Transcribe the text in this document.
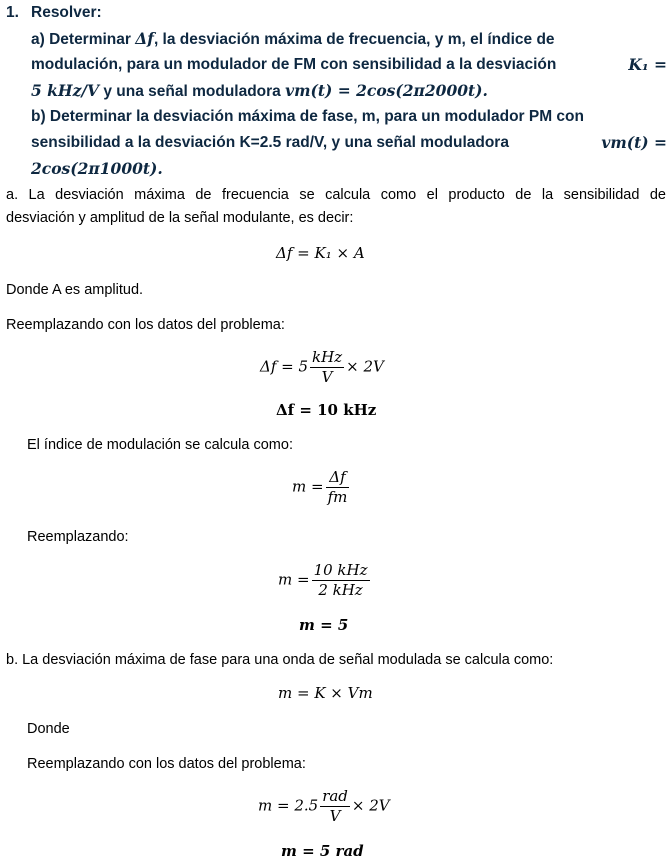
1. Resolver:
a) Determinar Δf, la desviación máxima de frecuencia, y m, el índice de
modulación, para un modulador de FM con sensibilidad a la desviación	K₁ =
5 kHz/V y una señal moduladora vm(t) = 2cos(2π2000t).
b) Determinar la desviación máxima de fase, m, para un modulador PM con
sensibilidad a la desviación K=2.5 rad/V, y una señal moduladora	vm(t) =
2cos(2π1000t).
a. La desviación máxima de frecuencia se calcula como el producto de la sensibilidad de
desviación y amplitud de la señal modulante, es decir:
Δf = K₁ × A
Donde A es amplitud.
Reemplazando con los datos del problema:
$\Delta f = 5 \frac{\text{kHz}}{V} \times 2V$
Δf = 10 kHz
El índice de modulación se calcula como:
$m = \frac{\Delta f}{fm}$
Reemplazando:
$m = \frac{\text{10 kHz}}{\text{2 kHz}}$
m = 5
b. La desviación máxima de fase para una onda de señal modulada se calcula como:
m = K × Vm
Donde
Reemplazando con los datos del problema:
$m = 2.5 \frac{\text{rad}}{V} \times 2V$
m = 5 rad
